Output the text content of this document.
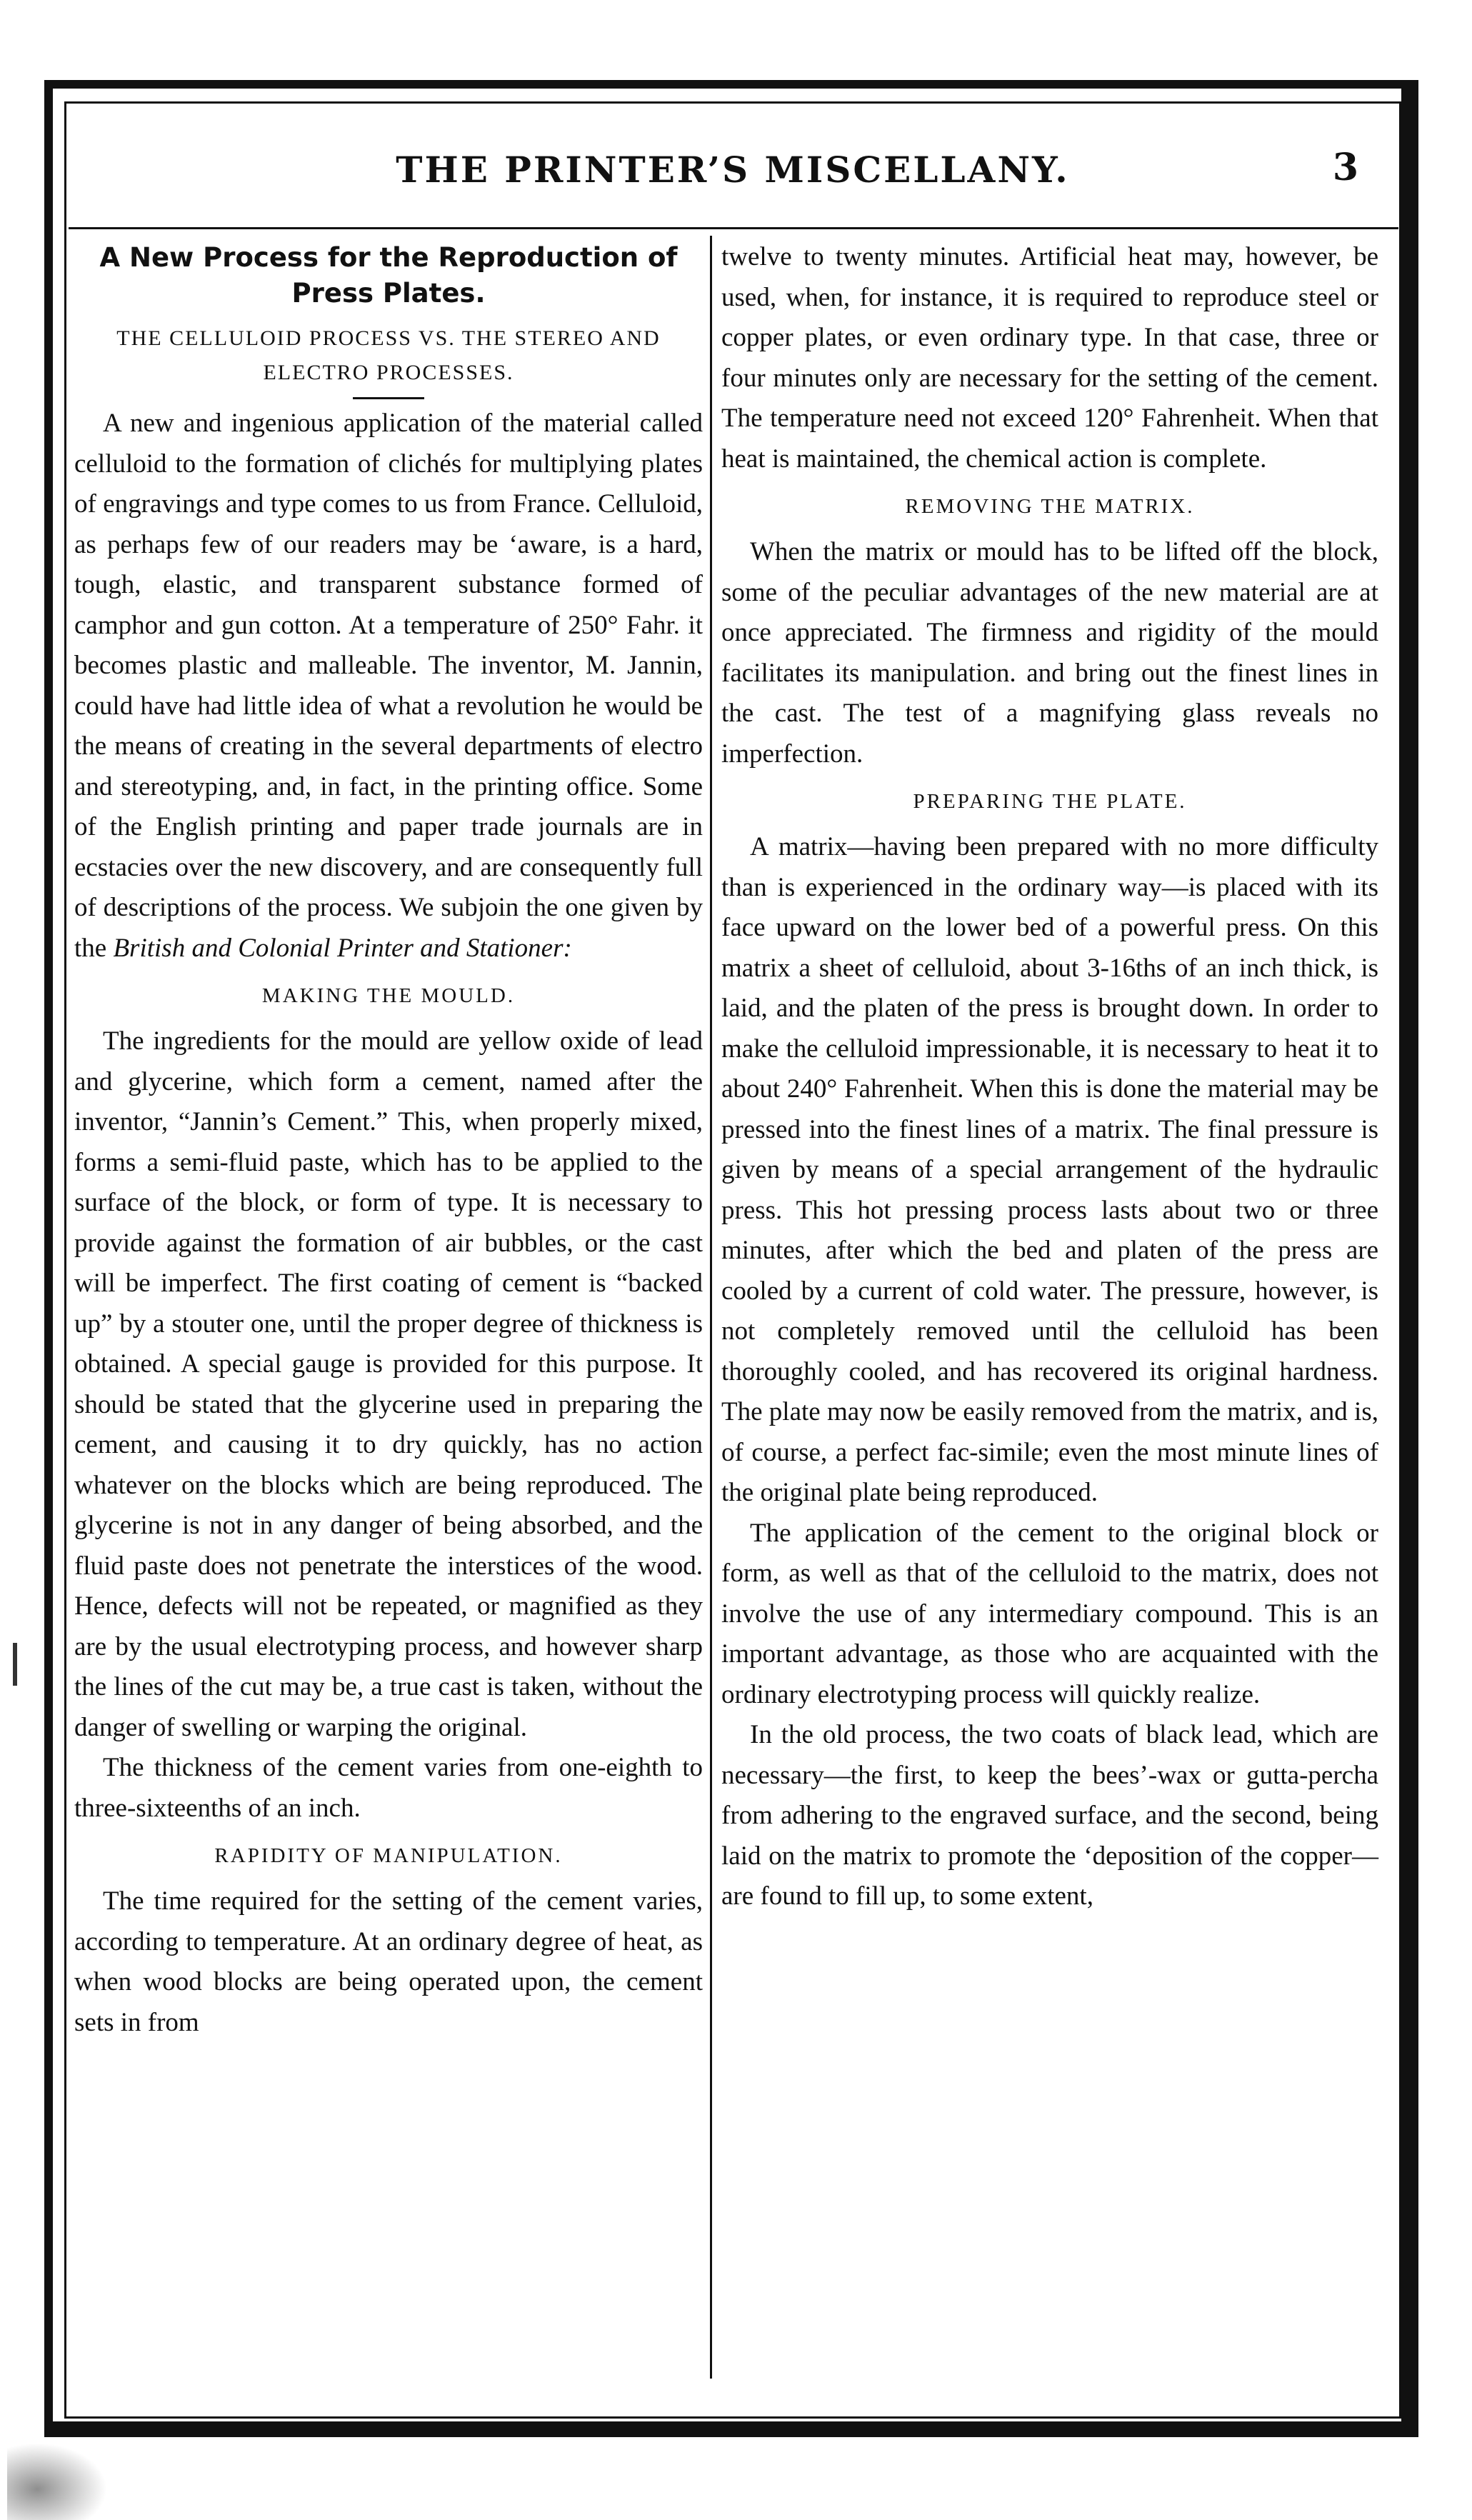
THE PRINTER’S MISCELLANY.	3
A New Process for the Reproduction of
Press Plates.
THE CELLULOID PROCESS VS. THE STEREO AND ELECTRO PROCESSES.

A new and ingenious application of the material called celluloid to the formation of clichés for multiplying plates of engravings and type comes to us from France. Celluloid, as perhaps few of our readers may be ‘aware, is a hard, tough, elastic, and transparent substance formed of camphor and gun cotton. At a temperature of 250° Fahr. it becomes plastic and malleable. The inventor, M. Jannin, could have had little idea of what a revolution he would be the means of creating in the several departments of electro and stereotyping, and, in fact, in the printing office. Some of the English printing and paper trade journals are in ecstacies over the new discovery, and are consequently full of descriptions of the process. We subjoin the one given by the British and Colonial Printer and Stationer:

MAKING THE MOULD.

The ingredients for the mould are yellow oxide of lead and glycerine, which form a cement, named after the inventor, “Jannin’s Cement.” This, when properly mixed, forms a semi-fluid paste, which has to be applied to the surface of the block, or form of type. It is necessary to provide against the formation of air bubbles, or the cast will be imperfect. The first coating of cement is “backed up” by a stouter one, until the proper degree of thickness is obtained. A special gauge is provided for this purpose. It should be stated that the glycerine used in preparing the cement, and causing it to dry quickly, has no action whatever on the blocks which are being reproduced. The glycerine is not in any danger of being absorbed, and the fluid paste does not penetrate the interstices of the wood. Hence, defects will not be repeated, or magnified as they are by the usual electrotyping process, and however sharp the lines of the cut may be, a true cast is taken, without the danger of swelling or warping the original.

The thickness of the cement varies from one-eighth to three-sixteenths of an inch.

RAPIDITY OF MANIPULATION.

The time required for the setting of the cement varies, according to temperature. At an ordinary degree of heat, as when wood blocks are being operated upon, the cement sets in from

twelve to twenty minutes. Artificial heat may, however, be used, when, for instance, it is required to reproduce steel or copper plates, or even ordinary type. In that case, three or four minutes only are necessary for the setting of the cement. The temperature need not exceed 120° Fahrenheit. When that heat is maintained, the chemical action is complete.

REMOVING THE MATRIX.

When the matrix or mould has to be lifted off the block, some of the peculiar advantages of the new material are at once appreciated. The firmness and rigidity of the mould facilitates its manipulation. and bring out the finest lines in the cast. The test of a magnifying glass reveals no imperfection.

PREPARING THE PLATE.

A matrix—having been prepared with no more difficulty than is experienced in the ordinary way—is placed with its face upward on the lower bed of a powerful press. On this matrix a sheet of celluloid, about 3-16ths of an inch thick, is laid, and the platen of the press is brought down. In order to make the celluloid impressionable, it is necessary to heat it to about 240° Fahrenheit. When this is done the material may be pressed into the finest lines of a matrix. The final pressure is given by means of a special arrangement of the hydraulic press. This hot pressing process lasts about two or three minutes, after which the bed and platen of the press are cooled by a current of cold water. The pressure, however, is not completely removed until the celluloid has been thoroughly cooled, and has recovered its original hardness. The plate may now be easily removed from the matrix, and is, of course, a perfect fac-simile; even the most minute lines of the original plate being reproduced.

The application of the cement to the original block or form, as well as that of the celluloid to the matrix, does not involve the use of any intermediary compound. This is an important advantage, as those who are acquainted with the ordinary electrotyping process will quickly realize.

In the old process, the two coats of black lead, which are necessary—the first, to keep the bees’-wax or gutta-percha from adhering to the engraved surface, and the second, being laid on the matrix to promote the ‘deposition of the copper—are found to fill up, to some extent,
